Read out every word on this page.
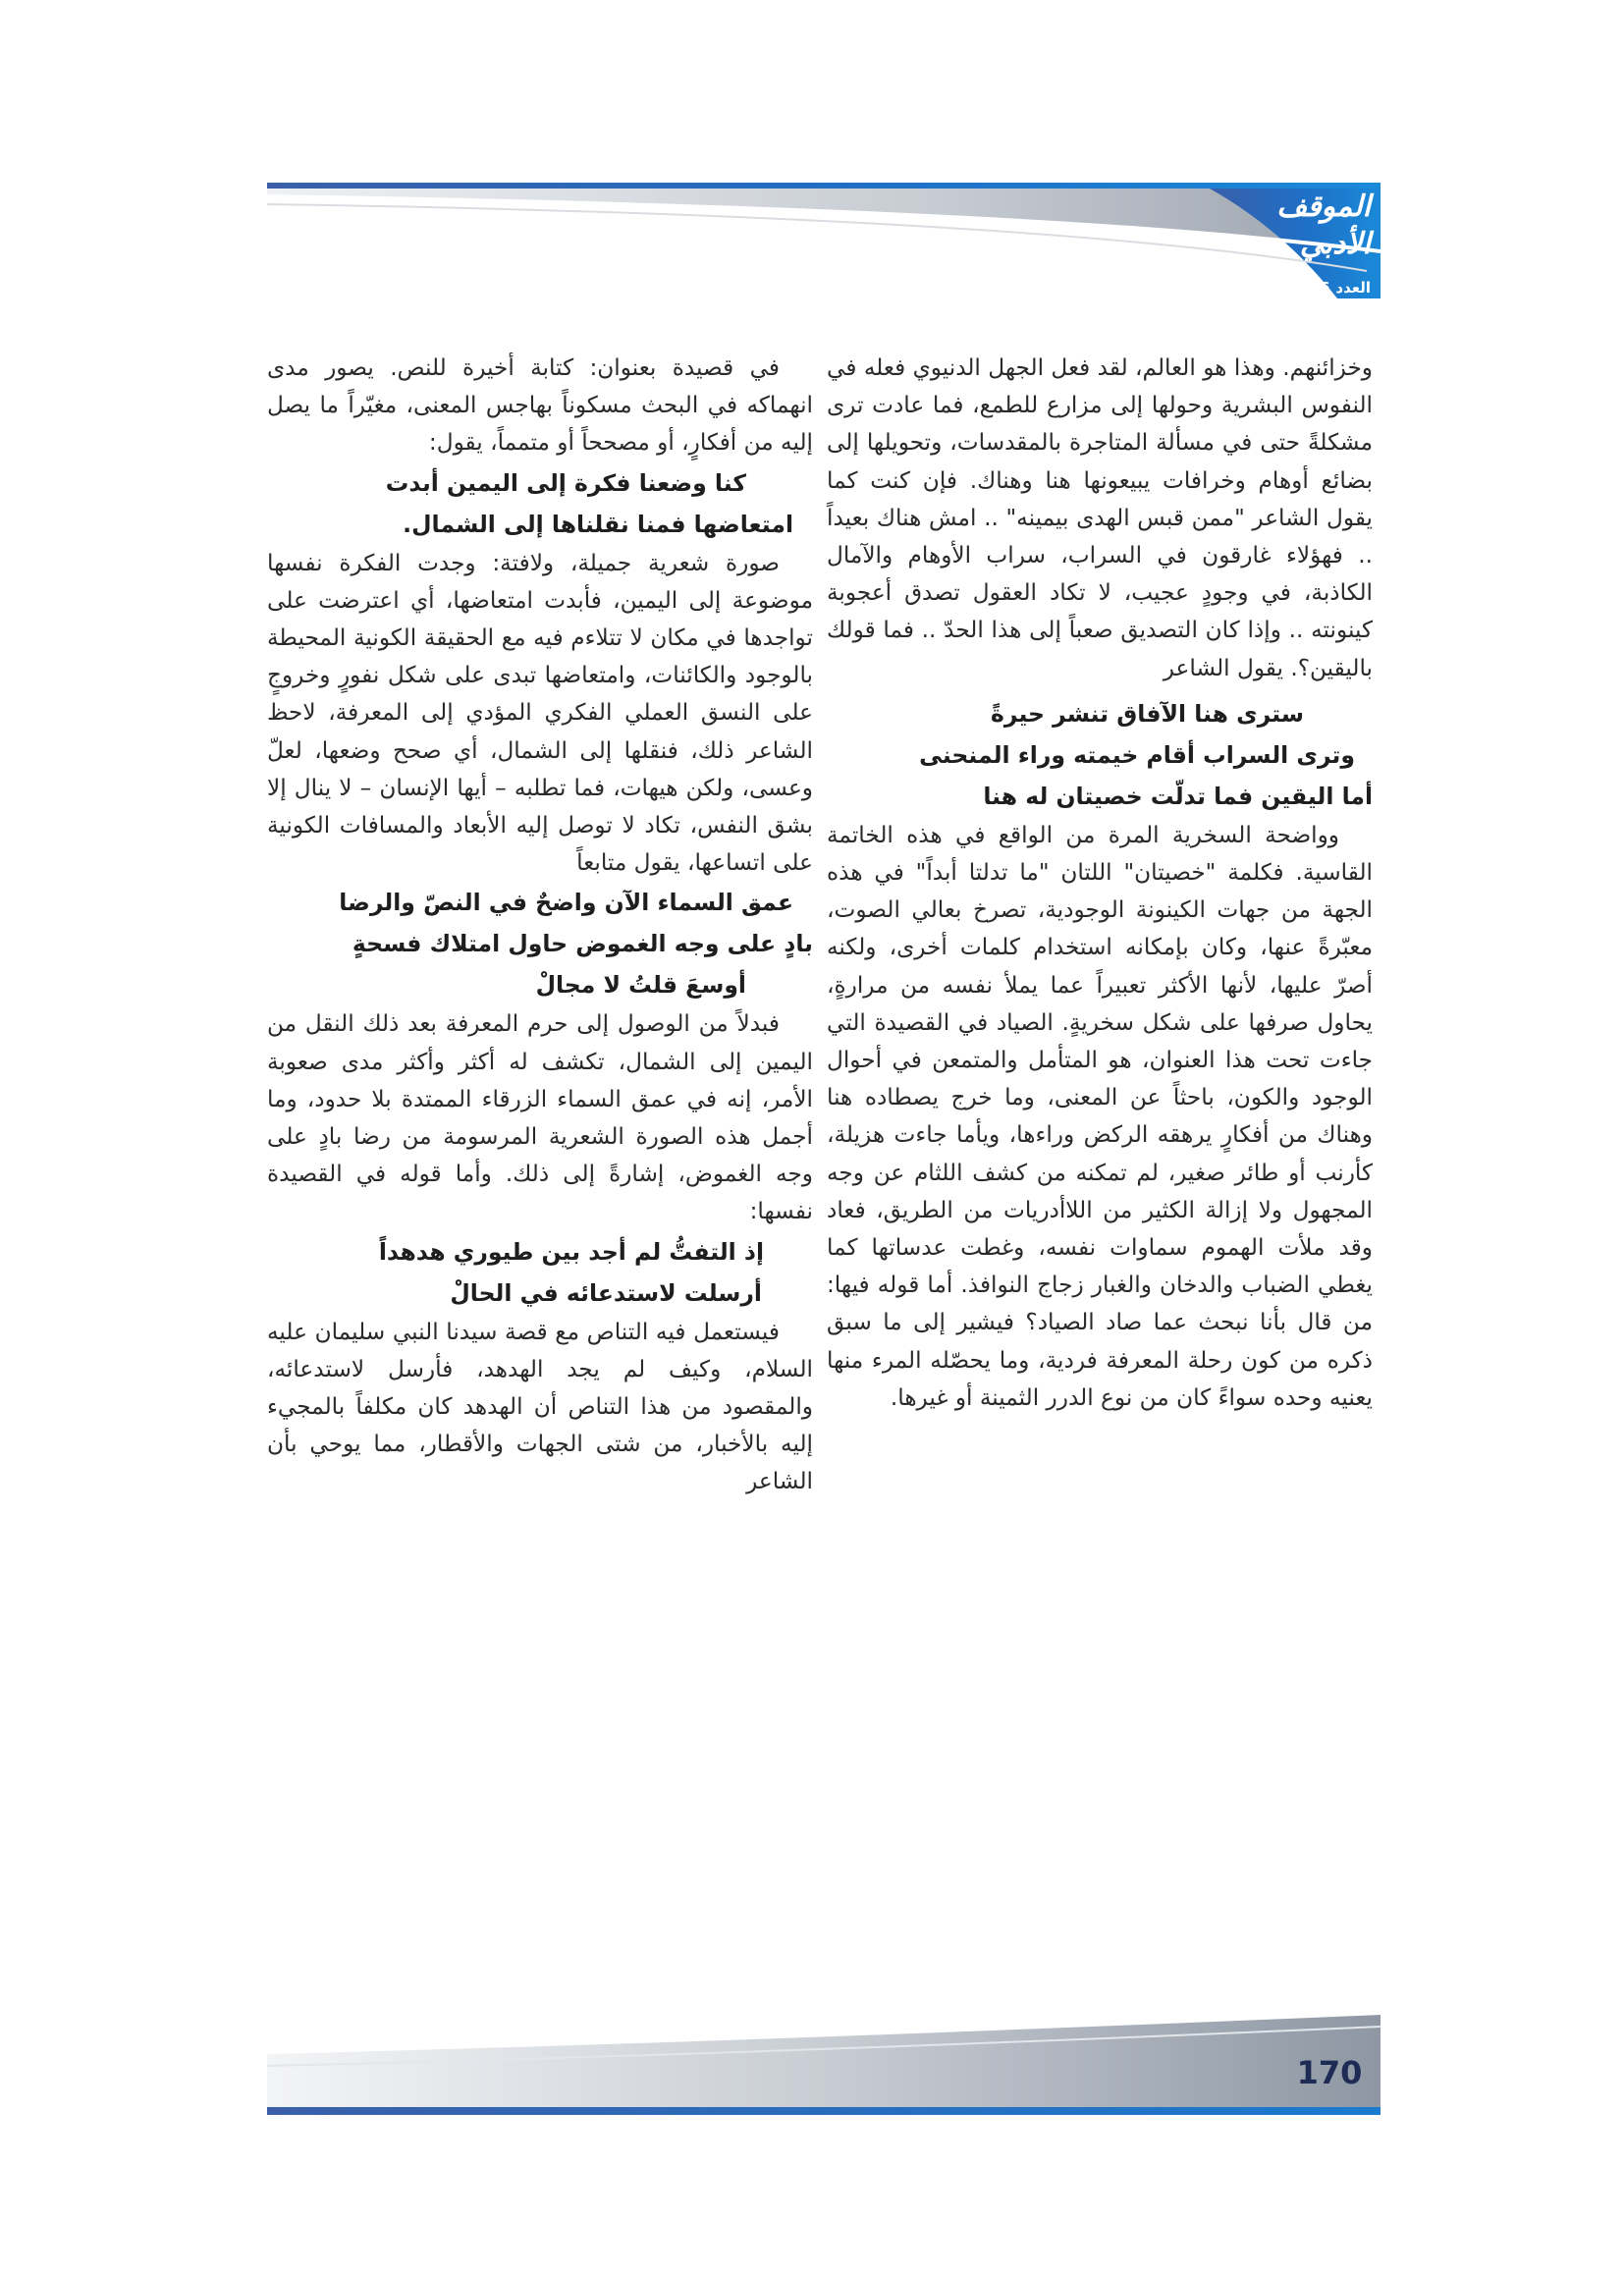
الموقف الأدبي
العدد556- آب/ 2017

وخزائنهم. وهذا هو العالم، لقد فعل الجهل الدنيوي فعله في النفوس البشرية وحولها إلى مزارع للطمع، فما عادت ترى مشكلةً حتى في مسألة المتاجرة بالمقدسات، وتحويلها إلى بضائع أوهام وخرافات يبيعونها هنا وهناك. فإن كنت كما يقول الشاعر "ممن قبس الهدى بيمينه" .. امش هناك بعيداً .. فهؤلاء غارقون في السراب، سراب الأوهام والآمال الكاذبة، في وجودٍ عجيب، لا تكاد العقول تصدق أعجوبة كينونته .. وإذا كان التصديق صعباً إلى هذا الحدّ .. فما قولك باليقين؟. يقول الشاعر

سترى هنا الآفاق تنشر حيرةً

وترى السراب أقام خيمته وراء المنحنى

أما اليقين فما تدلّت خصيتان له هنا

وواضحة السخرية المرة من الواقع في هذه الخاتمة القاسية. فكلمة "خصيتان" اللتان "ما تدلتا أبداً" في هذه الجهة من جهات الكينونة الوجودية، تصرخ بعالي الصوت، معبّرةً عنها، وكان بإمكانه استخدام كلمات أخرى، ولكنه أصرّ عليها، لأنها الأكثر تعبيراً عما يملأ نفسه من مرارةٍ، يحاول صرفها على شكل سخريةٍ. الصياد في القصيدة التي جاءت تحت هذا العنوان، هو المتأمل والمتمعن في أحوال الوجود والكون، باحثاً عن المعنى، وما خرج يصطاده هنا وهناك من أفكارٍ يرهقه الركض وراءها، ويأما جاءت هزيلة، كأرنب أو طائر صغير، لم تمكنه من كشف اللثام عن وجه المجهول ولا إزالة الكثير من اللاأدريات من الطريق، فعاد وقد ملأت الهموم سماوات نفسه، وغطت عدساتها كما يغطي الضباب والدخان والغبار زجاج النوافذ. أما قوله فيها: من قال بأنا نبحث عما صاد الصياد؟ فيشير إلى ما سبق ذكره من كون رحلة المعرفة فردية، وما يحصّله المرء منها يعنيه وحده سواءً كان من نوع الدرر الثمينة أو غيرها.

في قصيدة بعنوان: كتابة أخيرة للنص. يصور مدى انهماكه في البحث مسكوناً بهاجس المعنى، مغيّراً ما يصل إليه من أفكارٍ، أو مصححاً أو متمماً، يقول:

كنا وضعنا فكرة إلى اليمين أبدت

امتعاضها فمنا نقلناها إلى الشمال.

صورة شعرية جميلة، ولافتة: وجدت الفكرة نفسها موضوعة إلى اليمين، فأبدت امتعاضها، أي اعترضت على تواجدها في مكان لا تتلاءم فيه مع الحقيقة الكونية المحيطة بالوجود والكائنات، وامتعاضها تبدى على شكل نفورٍ وخروجٍ على النسق العملي الفكري المؤدي إلى المعرفة، لاحظ الشاعر ذلك، فنقلها إلى الشمال، أي صحح وضعها، لعلّ وعسى، ولكن هيهات، فما تطلبه – أيها الإنسان – لا ينال إلا بشق النفس، تكاد لا توصل إليه الأبعاد والمسافات الكونية على اتساعها، يقول متابعاً

عمق السماء الآن واضحٌ في النصّ والرضا

بادٍ على وجه الغموض حاول امتلاك فسحةٍ

أوسعَ قلتُ لا مجالْ

فبدلاً من الوصول إلى حرم المعرفة بعد ذلك النقل من اليمين إلى الشمال، تكشف له أكثر وأكثر مدى صعوبة الأمر، إنه في عمق السماء الزرقاء الممتدة بلا حدود، وما أجمل هذه الصورة الشعرية المرسومة من رضا بادٍ على وجه الغموض، إشارةً إلى ذلك. وأما قوله في القصيدة نفسها:

إذ التفتُّ لم أجد بين طيوري هدهداً

أرسلت لاستدعائه في الحالْ

فيستعمل فيه التناص مع قصة سيدنا النبي سليمان عليه السلام، وكيف لم يجد الهدهد، فأرسل لاستدعائه، والمقصود من هذا التناص أن الهدهد كان مكلفاً بالمجيء إليه بالأخبار، من شتى الجهات والأقطار، مما يوحي بأن الشاعر

170
